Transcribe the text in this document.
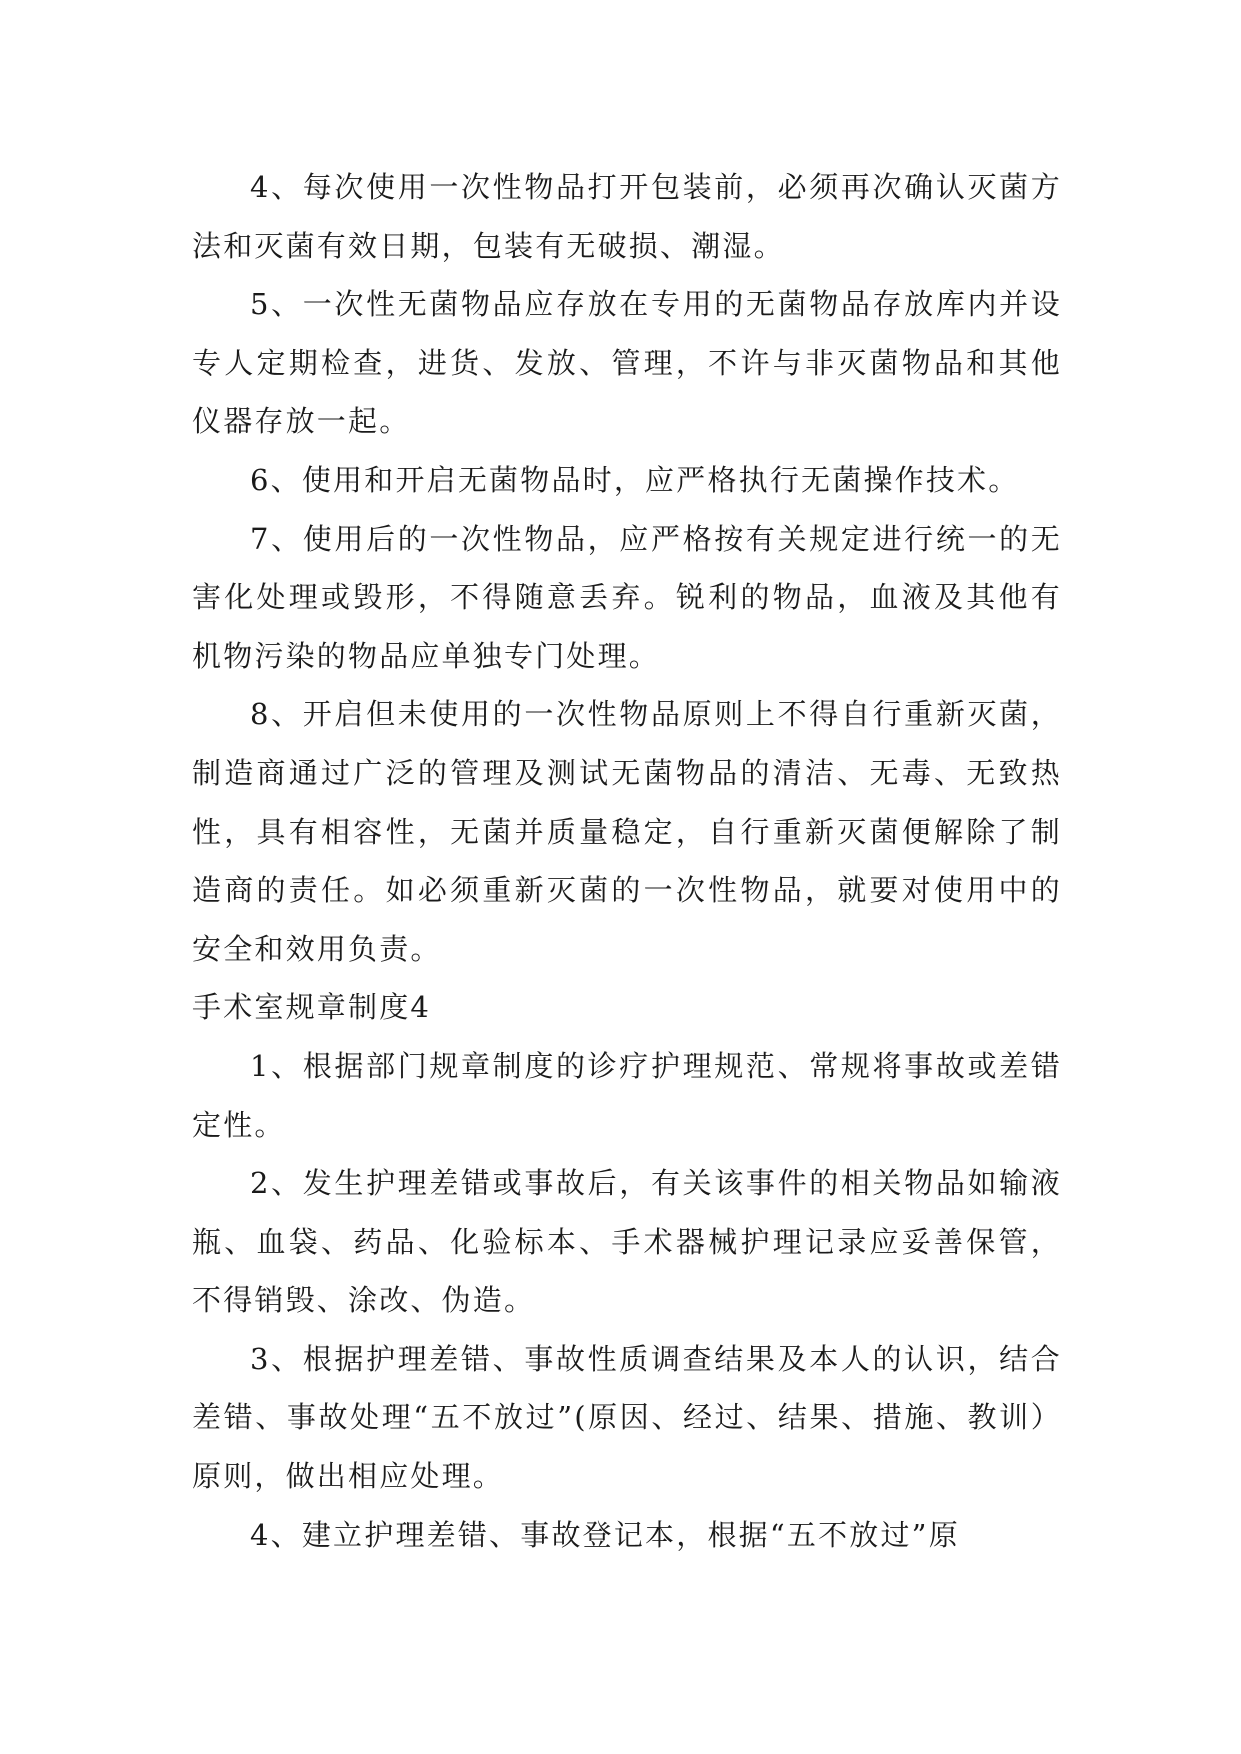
4、每次使用一次性物品打开包装前，必须再次确认灭菌方法和灭菌有效日期，包装有无破损、潮湿。

5、一次性无菌物品应存放在专用的无菌物品存放库内并设专人定期检查，进货、发放、管理，不许与非灭菌物品和其他仪器存放一起。

6、使用和开启无菌物品时，应严格执行无菌操作技术。

7、使用后的一次性物品，应严格按有关规定进行统一的无害化处理或毁形，不得随意丢弃。锐利的物品，血液及其他有机物污染的物品应单独专门处理。

8、开启但未使用的一次性物品原则上不得自行重新灭菌，制造商通过广泛的管理及测试无菌物品的清洁、无毒、无致热性，具有相容性，无菌并质量稳定，自行重新灭菌便解除了制造商的责任。如必须重新灭菌的一次性物品，就要对使用中的安全和效用负责。

手术室规章制度4

1、根据部门规章制度的诊疗护理规范、常规将事故或差错定性。

2、发生护理差错或事故后，有关该事件的相关物品如输液瓶、血袋、药品、化验标本、手术器械护理记录应妥善保管，不得销毁、涂改、伪造。

3、根据护理差错、事故性质调查结果及本人的认识，结合差错、事故处理“五不放过”(原因、经过、结果、措施、教训）原则，做出相应处理。

4、建立护理差错、事故登记本，根据“五不放过”原
